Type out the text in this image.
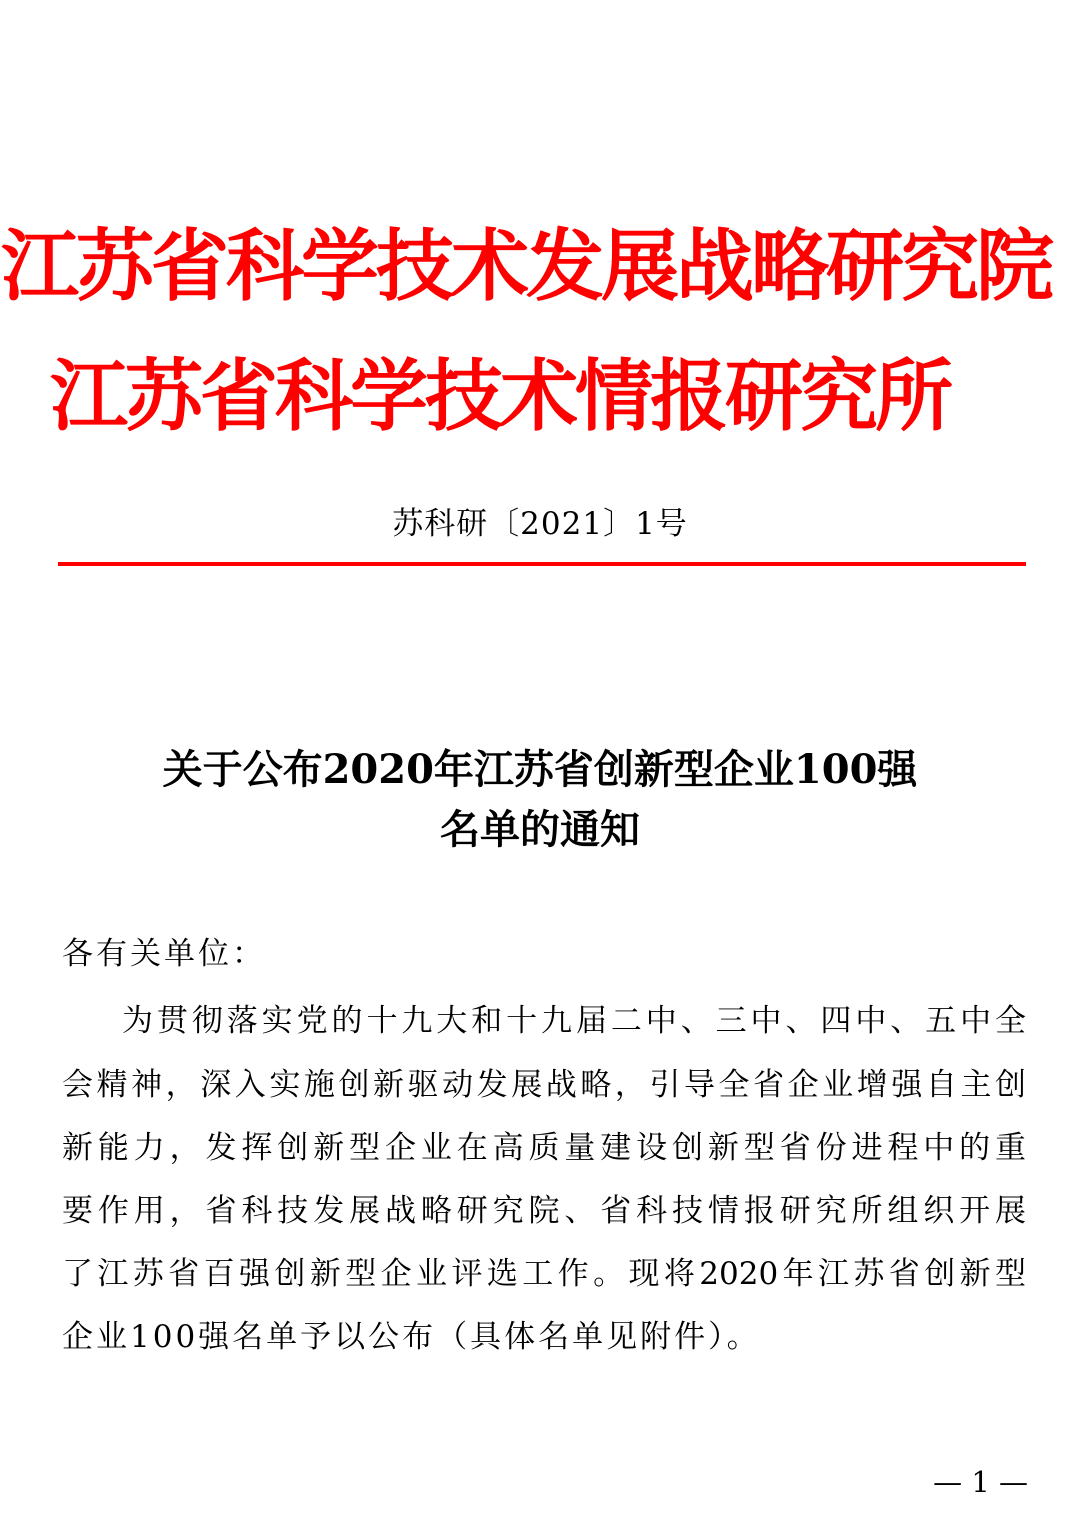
江苏省科学技术发展战略研究院
江苏省科学技术情报研究所
苏科研〔2021〕1号
关于公布2020年江苏省创新型企业100强
名单的通知
各有关单位：
为贯彻落实党的十九大和十九届二中、三中、四中、五中全
会精神，深入实施创新驱动发展战略，引导全省企业增强自主创
新能力，发挥创新型企业在高质量建设创新型省份进程中的重
要作用，省科技发展战略研究院、省科技情报研究所组织开展
了江苏省百强创新型企业评选工作。现将2020年江苏省创新型
企业100强名单予以公布（具体名单见附件）。
— 1 —
